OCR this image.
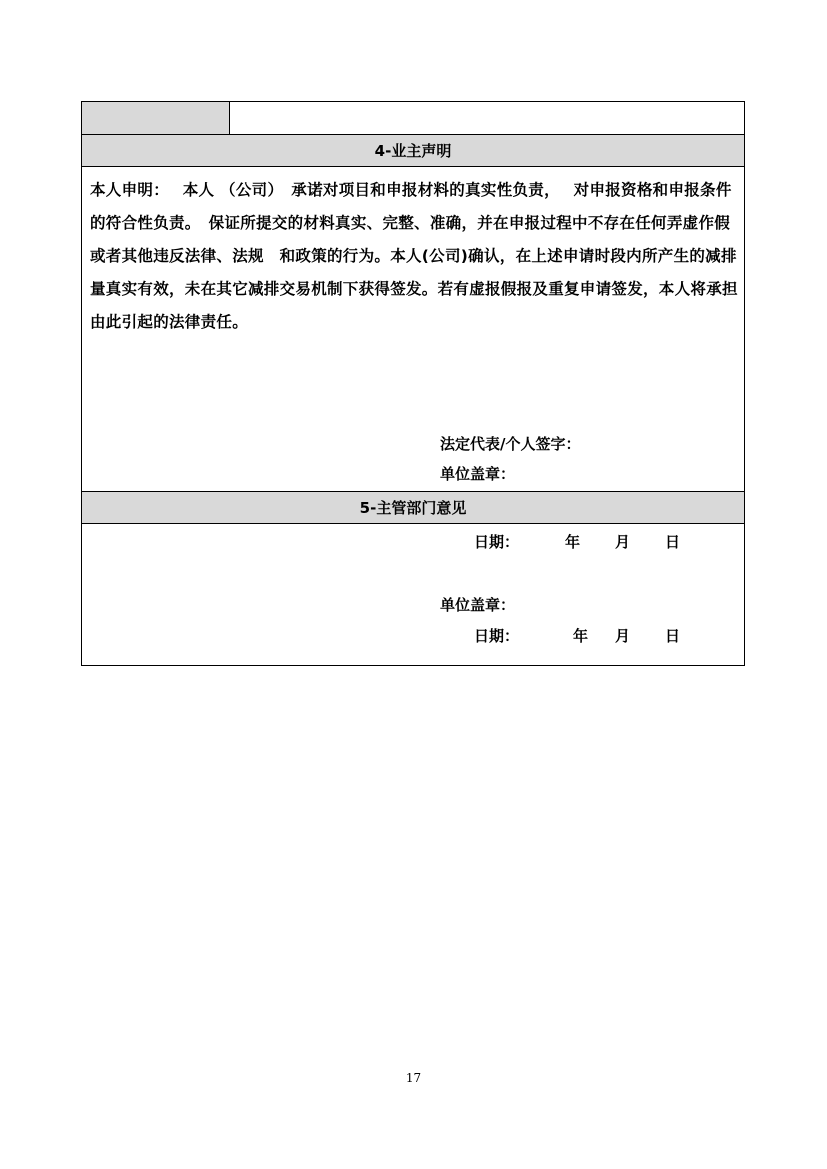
4-业主声明
本人申明：　 本人 （公司）　承诺对项目和申报材料的真实性负责，　 对申报资格和申报条件的符合性负责。　保证所提交的材料真实、完整、准确，并在申报过程中不存在任何弄虚作假或者其他违反法律、法规　和政策的行为。本人(公司)确认，在上述申请时段内所产生的减排量真实有效，未在其它减排交易机制下获得签发。若有虚报假报及重复申请签发，本人将承担由此引起的法律责任。
法定代表/个人签字：
单位盖章：
日期：	年 月 日
5-主管部门意见
单位盖章：
日期：	年 月 日
17
